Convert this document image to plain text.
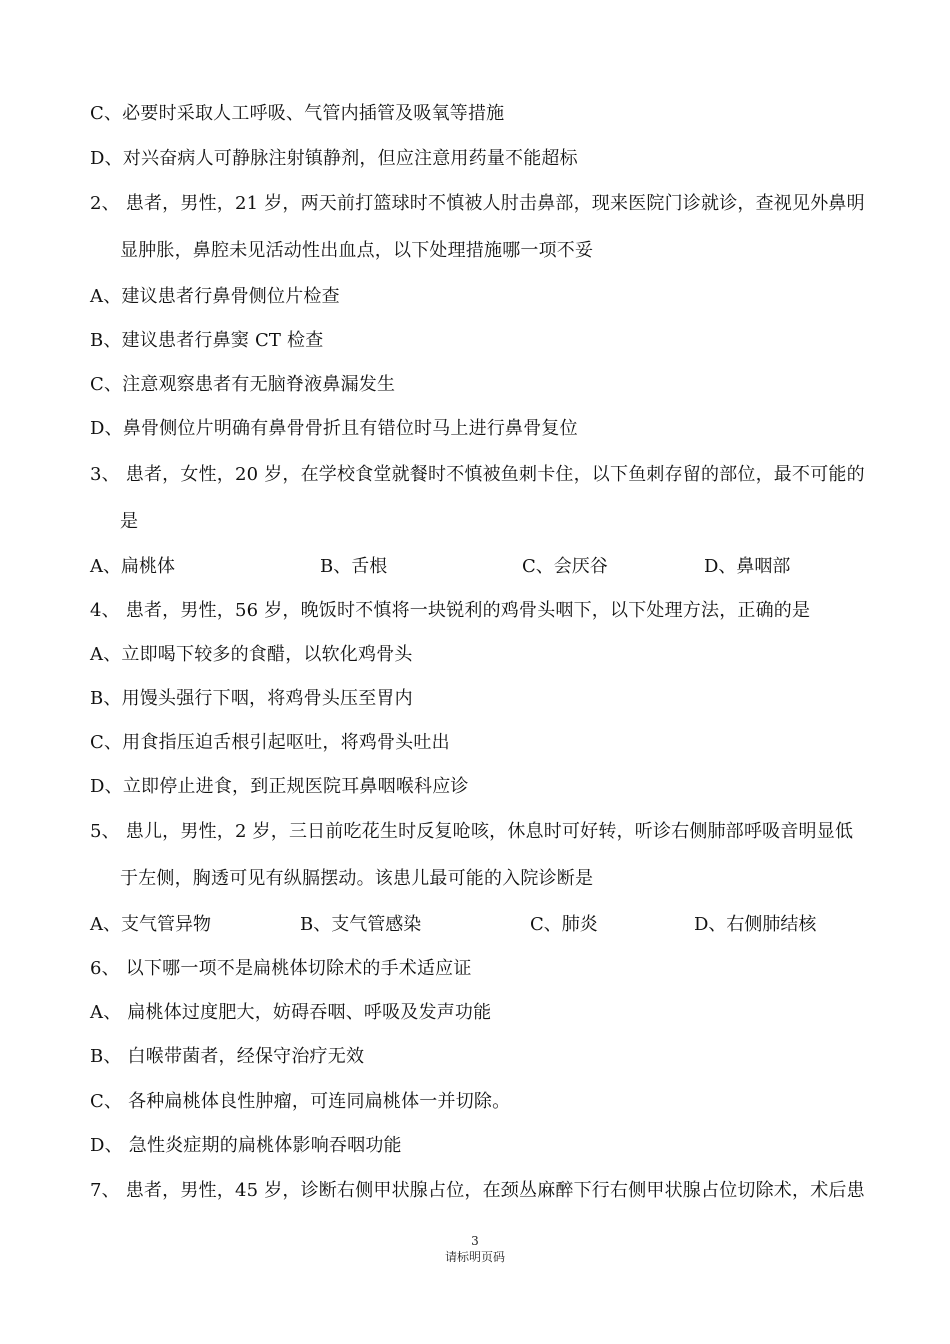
C、必要时采取人工呼吸、气管内插管及吸氧等措施
D、对兴奋病人可静脉注射镇静剂，但应注意用药量不能超标
2、 患者，男性，21 岁，两天前打篮球时不慎被人肘击鼻部，现来医院门诊就诊，查视见外鼻明
显肿胀，鼻腔未见活动性出血点，以下处理措施哪一项不妥
A、建议患者行鼻骨侧位片检查
B、建议患者行鼻窦 CT 检查
C、注意观察患者有无脑脊液鼻漏发生
D、鼻骨侧位片明确有鼻骨骨折且有错位时马上进行鼻骨复位
3、 患者，女性，20 岁，在学校食堂就餐时不慎被鱼刺卡住，以下鱼刺存留的部位，最不可能的
是
A、扁桃体	B、舌根	C、会厌谷	D、鼻咽部
4、 患者，男性，56 岁，晚饭时不慎将一块锐利的鸡骨头咽下，以下处理方法，正确的是
A、立即喝下较多的食醋，以软化鸡骨头
B、用馒头强行下咽，将鸡骨头压至胃内
C、用食指压迫舌根引起呕吐，将鸡骨头吐出
D、立即停止进食，到正规医院耳鼻咽喉科应诊
5、 患儿，男性，2 岁，三日前吃花生时反复呛咳，休息时可好转，听诊右侧肺部呼吸音明显低
于左侧，胸透可见有纵膈摆动。该患儿最可能的入院诊断是
A、支气管异物	B、支气管感染	C、肺炎	D、右侧肺结核
6、 以下哪一项不是扁桃体切除术的手术适应证
A、 扁桃体过度肥大，妨碍吞咽、呼吸及发声功能
B、 白喉带菌者，经保守治疗无效
C、 各种扁桃体良性肿瘤，可连同扁桃体一并切除。
D、 急性炎症期的扁桃体影响吞咽功能
7、 患者，男性，45 岁，诊断右侧甲状腺占位，在颈丛麻醉下行右侧甲状腺占位切除术，术后患
3
请标明页码
